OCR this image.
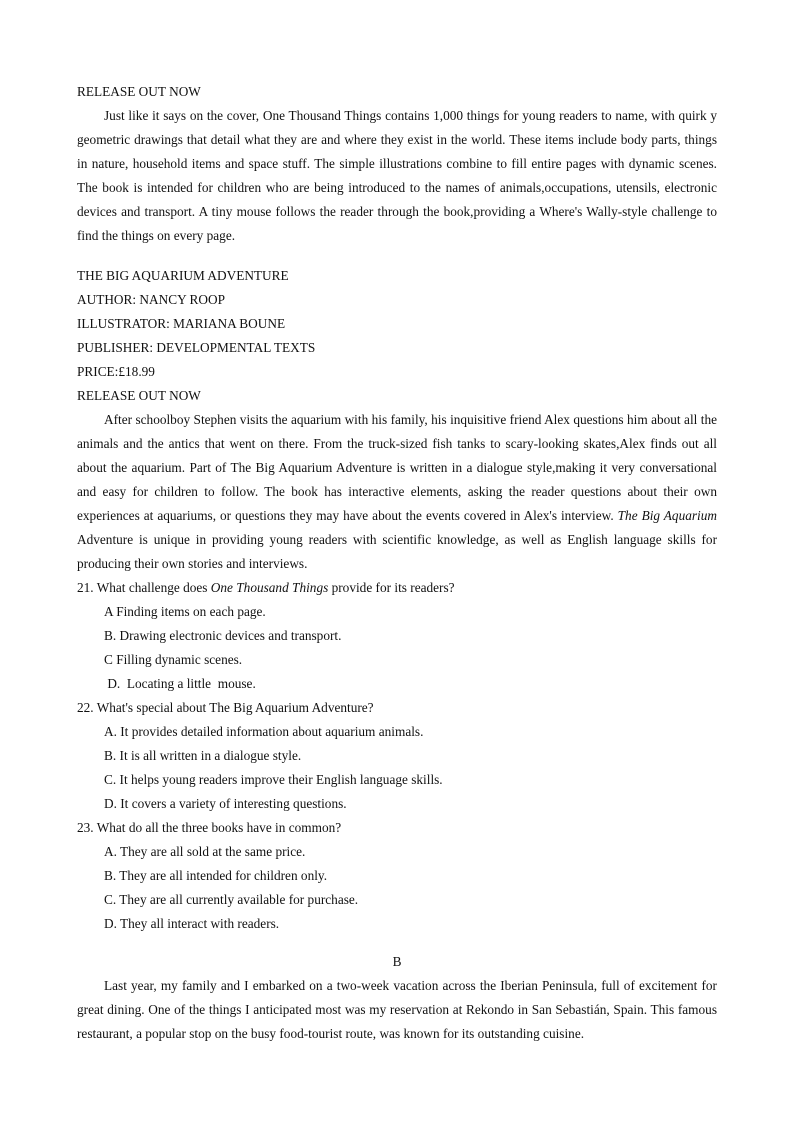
RELEASE OUT NOW
Just like it says on the cover, One Thousand Things contains 1,000 things for young readers to name, with quirk y geometric drawings that detail what they are and where they exist in the world. These items include body parts, things in nature, household items and space stuff. The simple illustrations combine to fill entire pages with dynamic scenes. The book is intended for children who are being introduced to the names of animals,occupations, utensils, electronic devices and transport. A tiny mouse follows the reader through the book,providing a Where's Wally-style challenge to find the things on every page.
THE BIG AQUARIUM ADVENTURE
AUTHOR: NANCY ROOP
ILLUSTRATOR: MARIANA BOUNE
PUBLISHER: DEVELOPMENTAL TEXTS
PRICE:£18.99
RELEASE OUT NOW
After schoolboy Stephen visits the aquarium with his family, his inquisitive friend Alex questions him about all the animals and the antics that went on there. From the truck-sized fish tanks to scary-looking skates,Alex finds out all about the aquarium. Part of The Big Aquarium Adventure is written in a dialogue style,making it very conversational and easy for children to follow. The book has interactive elements, asking the reader questions about their own experiences at aquariums, or questions they may have about the events covered in Alex's interview. The Big Aquarium Adventure is unique in providing young readers with scientific knowledge, as well as English language skills for producing their own stories and interviews.
21. What challenge does One Thousand Things provide for its readers?
A Finding items on each page.
B. Drawing electronic devices and transport.
C Filling dynamic scenes.
D.  Locating a little  mouse.
22. What's special about The Big Aquarium Adventure?
A. It provides detailed information about aquarium animals.
B. It is all written in a dialogue style.
C. It helps young readers improve their English language skills.
D. It covers a variety of interesting questions.
23. What do all the three books have in common?
A. They are all sold at the same price.
B. They are all intended for children only.
C. They are all currently available for purchase.
D. They all interact with readers.
B
Last year, my family and I embarked on a two-week vacation across the Iberian Peninsula, full of excitement for great dining. One of the things I anticipated most was my reservation at Rekondo in San Sebastián, Spain. This famous restaurant, a popular stop on the busy food-tourist route, was known for its outstanding cuisine.
